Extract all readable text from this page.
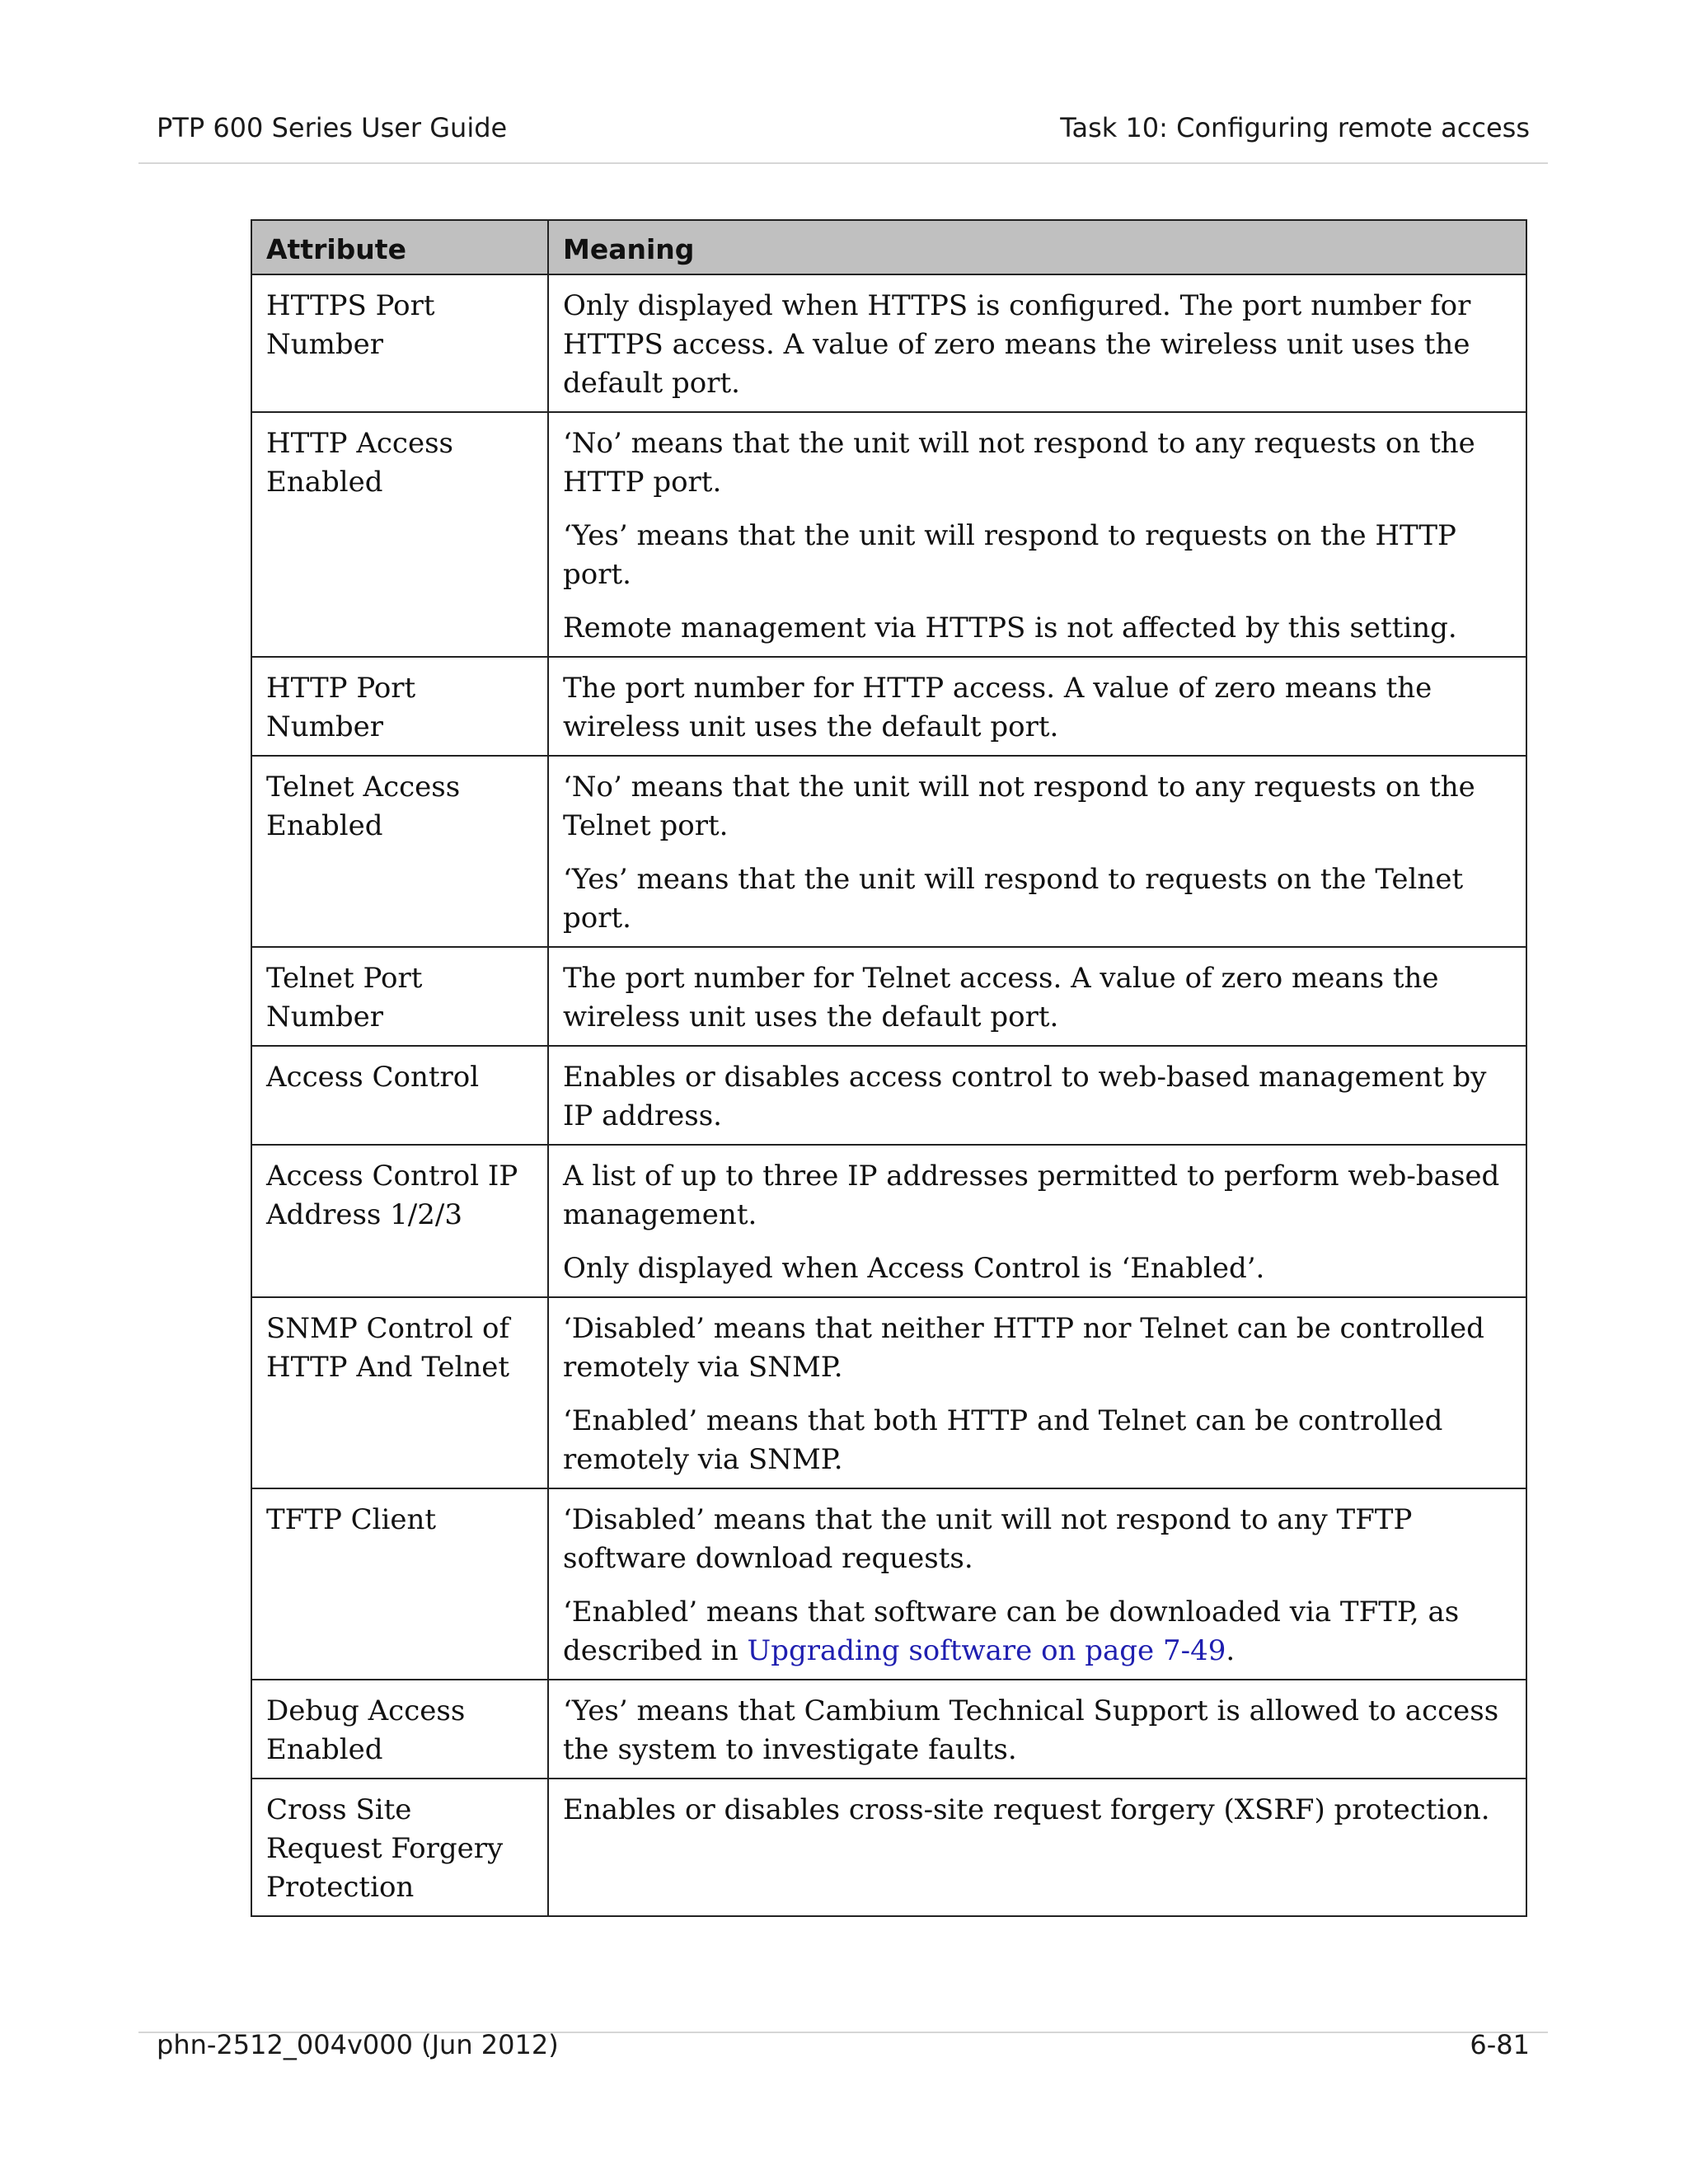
PTP 600 Series User Guide	Task 10: Configuring remote access
Attribute	Meaning
HTTPS Port Number	Only displayed when HTTPS is configured. The port number for HTTPS access. A value of zero means the wireless unit uses the default port.

HTTP Access Enabled	‘No’ means that the unit will not respond to any requests on the HTTP port.

‘Yes’ means that the unit will respond to requests on the HTTP port.

Remote management via HTTPS is not affected by this setting.

HTTP Port Number	The port number for HTTP access. A value of zero means the wireless unit uses the default port.

Telnet Access Enabled	‘No’ means that the unit will not respond to any requests on the Telnet port.

‘Yes’ means that the unit will respond to requests on the Telnet port.

Telnet Port Number	The port number for Telnet access. A value of zero means the wireless unit uses the default port.

Access Control	Enables or disables access control to web-based management by IP address.

Access Control IP Address 1/2/3	A list of up to three IP addresses permitted to perform web-based management.

Only displayed when Access Control is ‘Enabled’.

SNMP Control of HTTP And Telnet	‘Disabled’ means that neither HTTP nor Telnet can be controlled remotely via SNMP.

‘Enabled’ means that both HTTP and Telnet can be controlled remotely via SNMP.

TFTP Client	‘Disabled’ means that the unit will not respond to any TFTP software download requests.

‘Enabled’ means that software can be downloaded via TFTP, as described in Upgrading software on page 7-49.

Debug Access Enabled	‘Yes’ means that Cambium Technical Support is allowed to access the system to investigate faults.

Cross Site Request Forgery Protection	Enables or disables cross-site request forgery (XSRF) protection.

phn-2512_004v000 (Jun 2012)	6-81
